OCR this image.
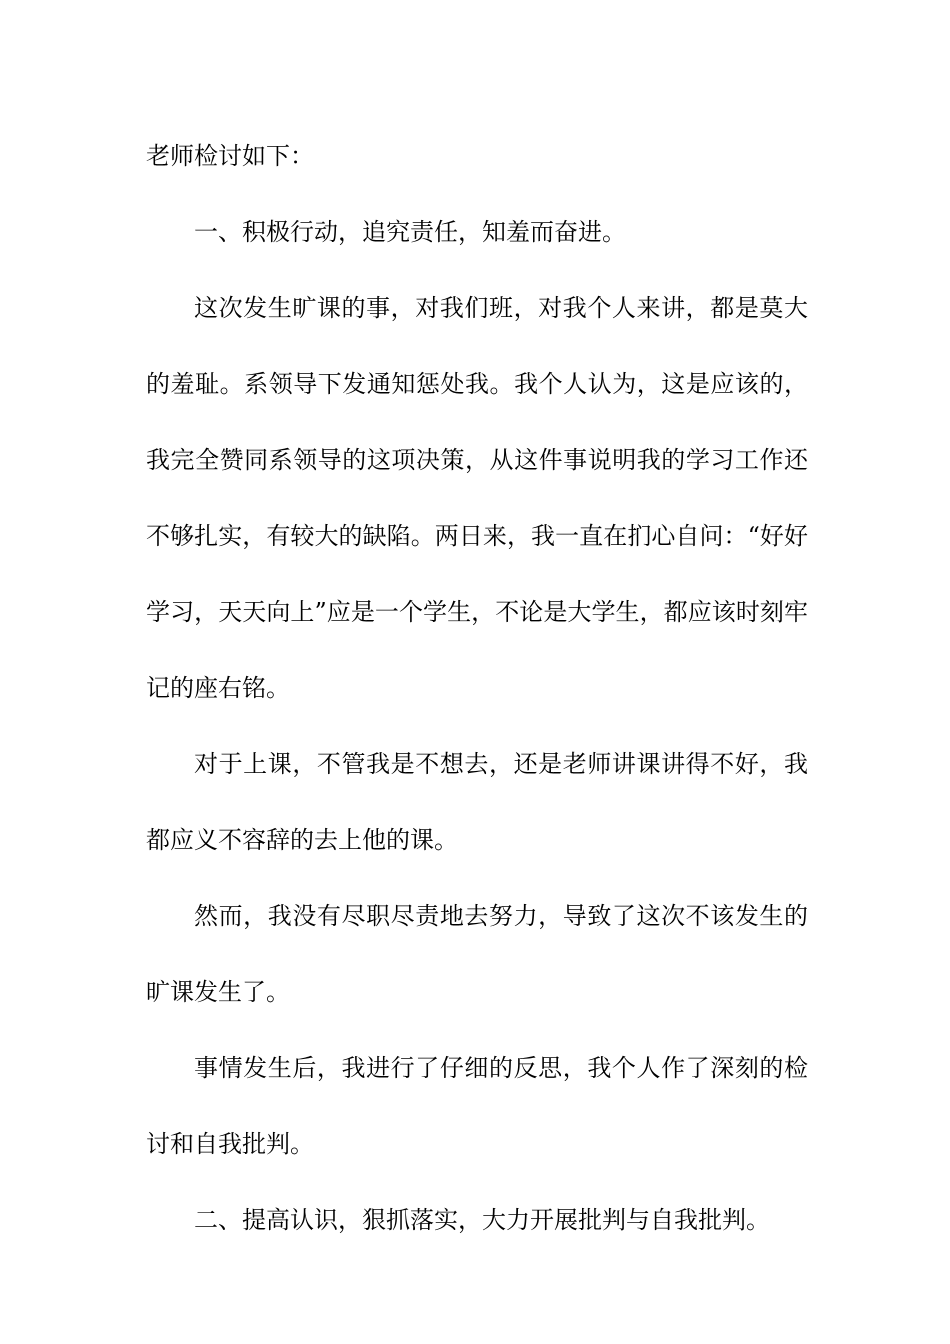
老师检讨如下：

一、积极行动，追究责任，知羞而奋进。

这次发生旷课的事，对我们班，对我个人来讲，都是莫大的羞耻。系领导下发通知惩处我。我个人认为，这是应该的，我完全赞同系领导的这项决策，从这件事说明我的学习工作还不够扎实，有较大的缺陷。两日来，我一直在扪心自问：“好好学习，天天向上”应是一个学生，不论是大学生，都应该时刻牢记的座右铭。

对于上课，不管我是不想去，还是老师讲课讲得不好，我都应义不容辞的去上他的课。

然而，我没有尽职尽责地去努力，导致了这次不该发生的旷课发生了。

事情发生后，我进行了仔细的反思，我个人作了深刻的检讨和自我批判。

二、提高认识，狠抓落实，大力开展批判与自我批判。
